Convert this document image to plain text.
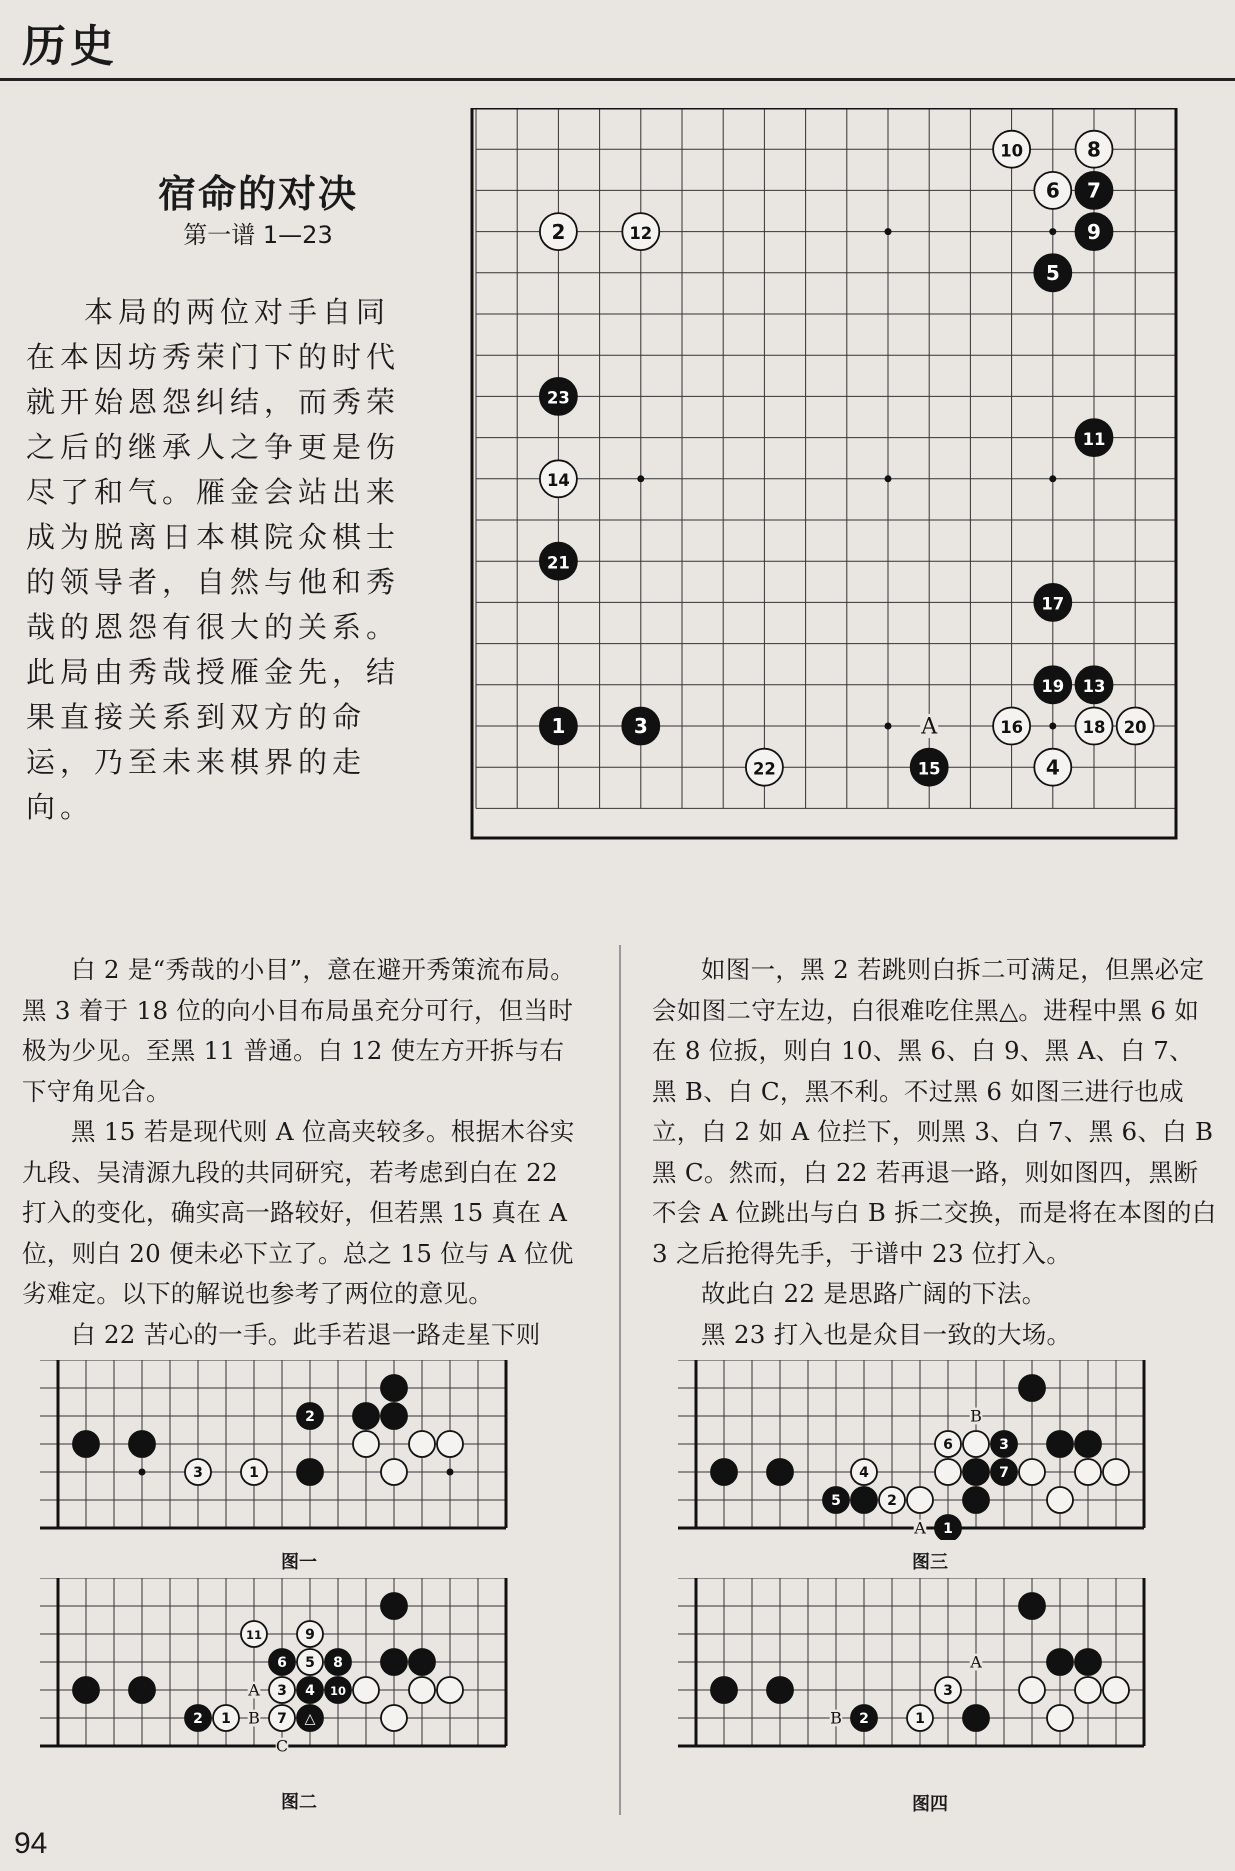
历史
宿命的对决
第一谱 1—23
本局的两位对手自同在本因坊秀荣门下的时代就开始恩怨纠结，而秀荣之后的继承人之争更是伤尽了和气。雁金会站出来成为脱离日本棋院众棋士的领导者，自然与他和秀哉的恩怨有很大的关系。此局由秀哉授雁金先，结果直接关系到双方的命运，乃至未来棋界的走向。
A
10	8
6 7
2	12	9
5
23
11
14
21
17
19 13
1	3	16	18 20
22	15	4

白 2 是“秀哉的小目”，意在避开秀策流布局。黑 3 着于 18 位的向小目布局虽充分可行，但当时极为少见。至黑 11 普通。白 12 使左方开拆与右下守角见合。

黑 15 若是现代则 A 位高夹较多。根据木谷实九段、吴清源九段的共同研究，若考虑到白在 22 打入的变化，确实高一路较好，但若黑 15 真在 A 位，则白 20 便未必下立了。总之 15 位与 A 位优劣难定。以下的解说也参考了两位的意见。

白 22 苦心的一手。此手若退一路走星下则

如图一，黑 2 若跳则白拆二可满足，但黑必定会如图二守左边，白很难吃住黑△。进程中黑 6 如在 8 位扳，则白 10、黑 6、白 9、黑 A、白 7、黑 B、白 C，黑不利。不过黑 6 如图三进行也成立，白 2 如 A 位拦下，则黑 3、白 7、黑 6、白 B 黑 C。然而，白 22 若再退一路，则如图四，黑断不会 A 位跳出与白 B 拆二交换，而是将在本图的白 3 之后抢得先手，于谱中 23 位打入。

故此白 22 是思路广阔的下法。

黑 23 打入也是众目一致的大场。

3	1
2
图一
A
B
C
11	9
6 5 8
3 4 10
2 1	7 △
图二
B
A
6	3
4	7
5	2
1
图三
A
B
3
2	1
图四
94
